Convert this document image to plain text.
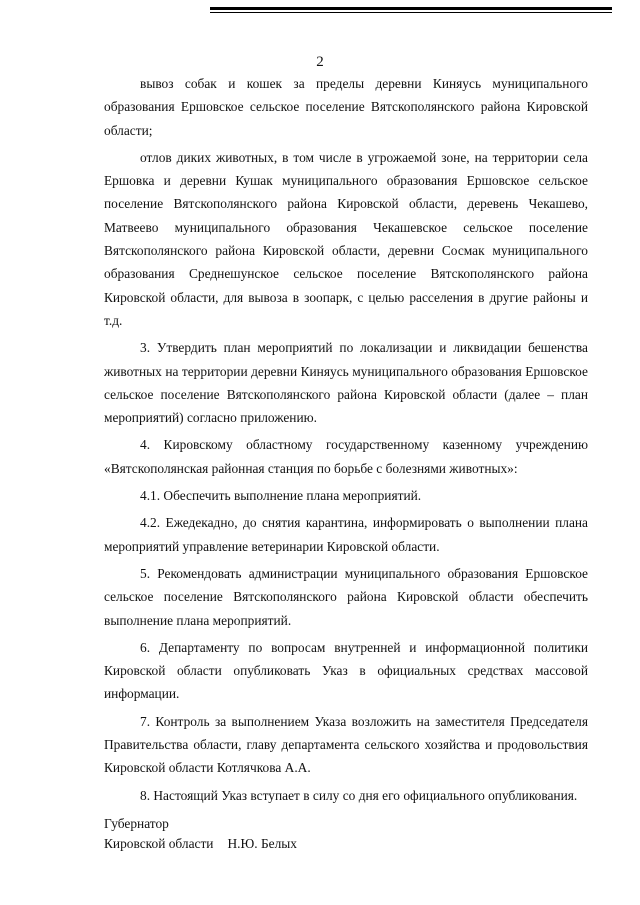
2

вывоз собак и кошек за пределы деревни Киняусь муниципального образования Ершовское сельское поселение Вятскополянского района Кировской области;

отлов диких животных, в том числе в угрожаемой зоне, на территории села Ершовка и деревни Кушак муниципального образования Ершовское сельское поселение Вятскополянского района Кировской области, деревень Чекашево, Матвеево муниципального образования Чекашевское сельское поселение Вятскополянского района Кировской области, деревни Сосмак муниципального образования Среднешунское сельское поселение Вятскополянского района Кировской области, для вывоза в зоопарк, с целью расселения в другие районы и т.д.

3. Утвердить план мероприятий по локализации и ликвидации бешенства животных на территории деревни Киняусь муниципального образования Ершовское сельское поселение Вятскополянского района Кировской области (далее – план мероприятий) согласно приложению.

4. Кировскому областному государственному казенному учреждению «Вятскополянская районная станция по борьбе с болезнями животных»:

4.1. Обеспечить выполнение плана мероприятий.

4.2. Ежедекадно, до снятия карантина, информировать о выполнении плана мероприятий управление ветеринарии Кировской области.

5. Рекомендовать администрации муниципального образования Ершовское сельское поселение Вятскополянского района Кировской области обеспечить выполнение плана мероприятий.

6. Департаменту по вопросам внутренней и информационной политики Кировской области опубликовать Указ в официальных средствах массовой информации.

7. Контроль за выполнением Указа возложить на заместителя Председателя Правительства области, главу департамента сельского хозяйства и продовольствия Кировской области Котлячкова А.А.

8. Настоящий Указ вступает в силу со дня его официального опубликования.

Губернатор
Кировской области Н.Ю. Белых
